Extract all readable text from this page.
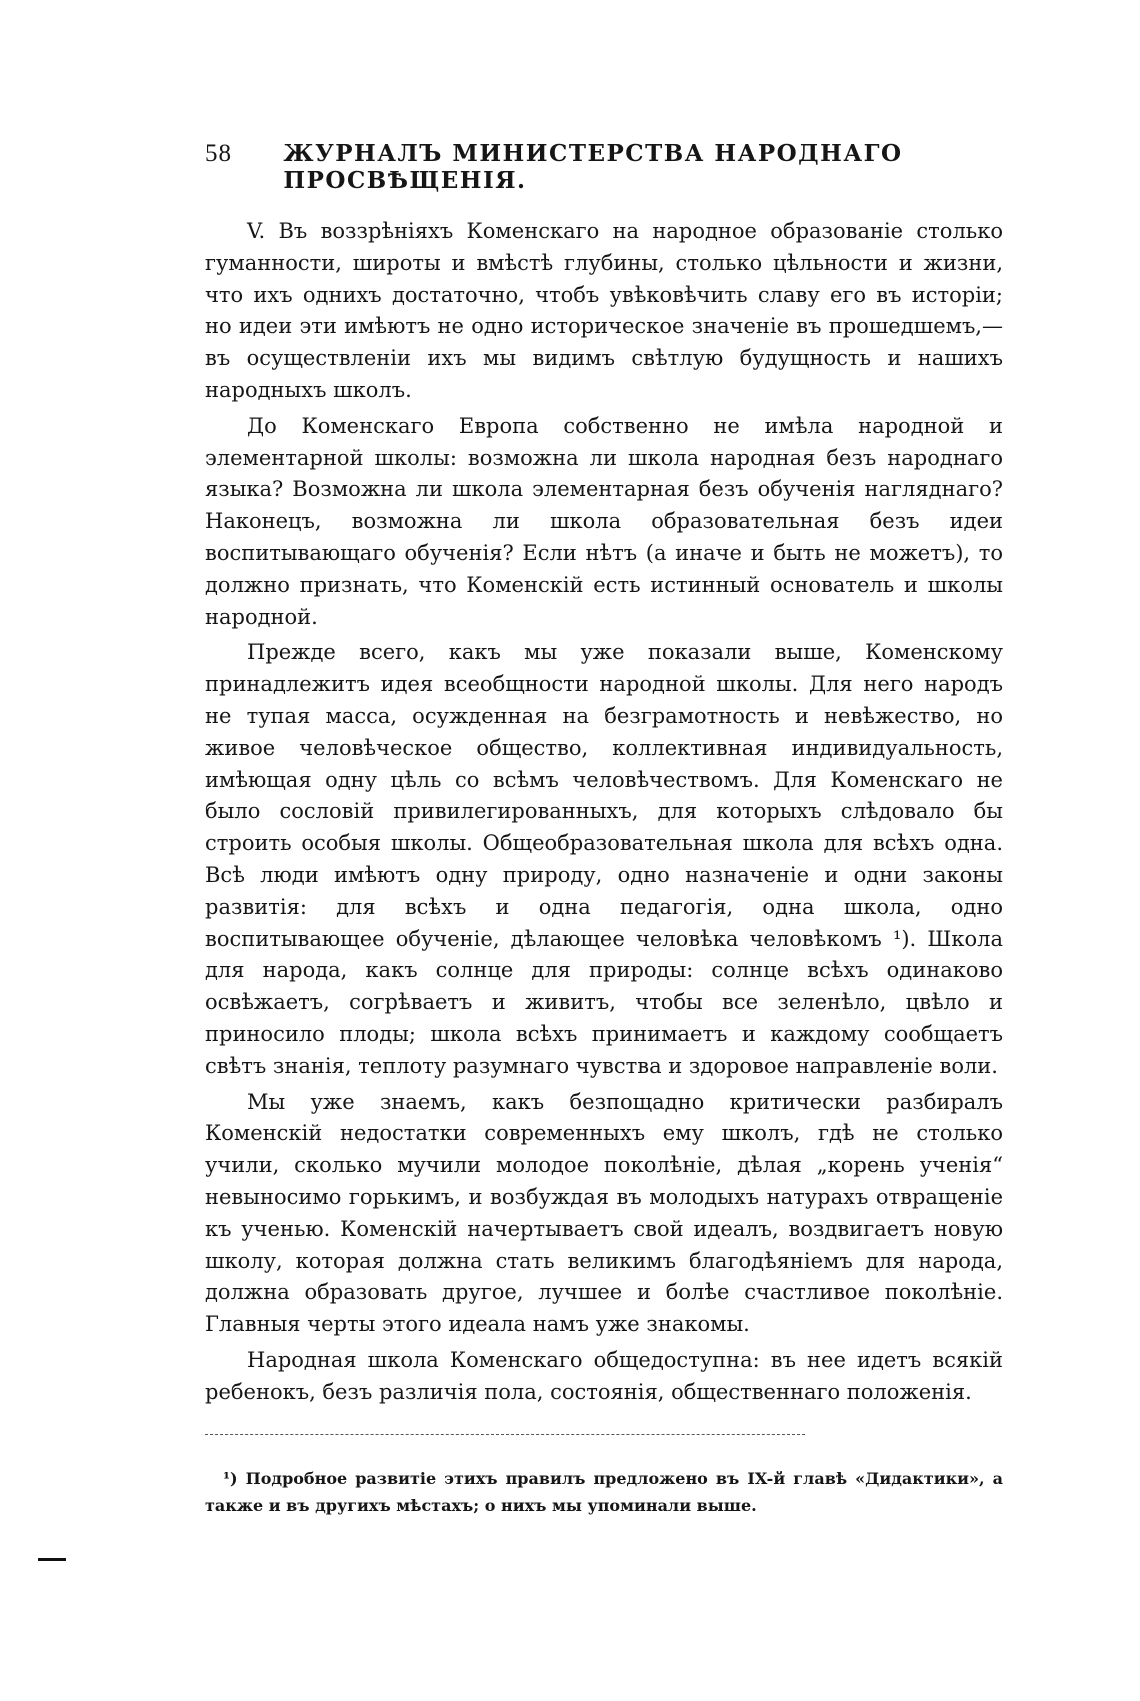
58	ЖУРНАЛЪ МИНИСТЕРСТВА НАРОДНАГО ПРОСВѢЩЕНІЯ.

V. Въ воззрѣніяхъ Коменскаго на народное образованіе столько гуманности, широты и вмѣстѣ глубины, столько цѣльности и жизни, что ихъ однихъ достаточно, чтобъ увѣковѣчить славу его въ исторіи; но идеи эти имѣютъ не одно историческое значеніе въ прошедшемъ,— въ осуществленіи ихъ мы видимъ свѣтлую будущность и нашихъ народныхъ школъ.

До Коменскаго Европа собственно не имѣла народной и элементарной школы: возможна ли школа народная безъ народнаго языка? Возможна ли школа элементарная безъ обученія нагляднаго? Наконецъ, возможна ли школа образовательная безъ идеи воспитывающаго обученія? Если нѣтъ (а иначе и быть не можетъ), то должно признать, что Коменскій есть истинный основатель и школы народной.

Прежде всего, какъ мы уже показали выше, Коменскому принадлежитъ идея всеобщности народной школы. Для него народъ не тупая масса, осужденная на безграмотность и невѣжество, но живое человѣческое общество, коллективная индивидуальность, имѣющая одну цѣль со всѣмъ человѣчествомъ. Для Коменскаго не было сословій привилегированныхъ, для которыхъ слѣдовало бы строить особыя школы. Общеобразовательная школа для всѣхъ одна. Всѣ люди имѣютъ одну природу, одно назначеніе и одни законы развитія: для всѣхъ и одна педагогія, одна школа, одно воспитывающее обученіе, дѣлающее человѣка человѣкомъ ¹). Школа для народа, какъ солнце для природы: солнце всѣхъ одинаково освѣжаетъ, согрѣваетъ и живитъ, чтобы все зеленѣло, цвѣло и приносило плоды; школа всѣхъ принимаетъ и каждому сообщаетъ свѣтъ знанія, теплоту разумнаго чувства и здоровое направленіе воли.

Мы уже знаемъ, какъ безпощадно критически разбиралъ Коменскій недостатки современныхъ ему школъ, гдѣ не столько учили, сколько мучили молодое поколѣніе, дѣлая „корень ученія“ невыносимо горькимъ, и возбуждая въ молодыхъ натурахъ отвращеніе къ ученью. Коменскій начертываетъ свой идеалъ, воздвигаетъ новую школу, которая должна стать великимъ благодѣяніемъ для народа, должна образовать другое, лучшее и болѣе счастливое поколѣніе. Главныя черты этого идеала намъ уже знакомы.

Народная школа Коменскаго общедоступна: въ нее идетъ всякій ребенокъ, безъ различія пола, состоянія, общественнаго положенія.

¹) Подробное развитіе этихъ правилъ предложено въ IX-й главѣ «Дидактики», а также и въ другихъ мѣстахъ; о нихъ мы упоминали выше.
